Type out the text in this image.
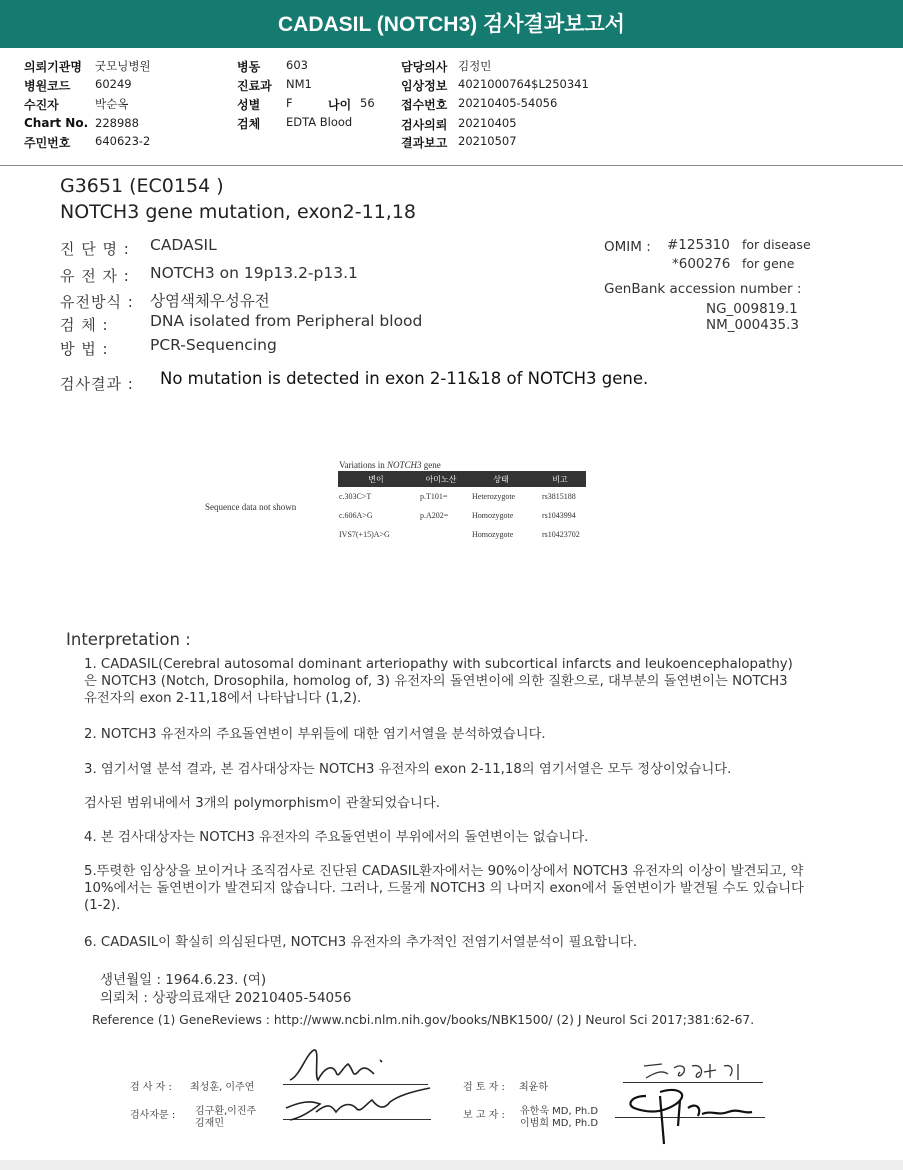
CADASIL (NOTCH3) 검사결과보고서
의뢰기관명 굿모닝병원
병원코드 60249
수진자	박순옥
Chart No. 228988
주민번호 640623-2
병동 603
진료과 NM1
성별 F	나이 56
검체 EDTA Blood
담당의사 김정민
임상정보 4021000764$L250341
접수번호 20210405-54056
검사의뢰 20210405
결과보고 20210507
G3651 (EC0154 )
NOTCH3 gene mutation, exon2-11,18
진 단 명 : CADASIL
유 전 자 : NOTCH3 on 19p13.2-p13.1
유전방식 : 상염색체우성유전
검 체 :	DNA isolated from Peripheral blood
방 법 :	PCR-Sequencing
OMIM : #125310 for disease
*600276 for gene
GenBank accession number :
NG_009819.1
NM_000435.3
검사결과 : No mutation is detected in exon 2-11&18 of NOTCH3 gene.
Variations in NOTCH3 gene
Sequence data not shown
변이	아미노산	상태	비고
c.303C>T	p.T101=	Heterozygote	rs3815188
c.606A>G	p.A202=	Homozygote	rs1043994
IVS7(+15)A>G		Homozygote	rs10423702
Interpretation :
1. CADASIL(Cerebral autosomal dominant arteriopathy with subcortical infarcts and leukoencephalopathy)은 NOTCH3 (Notch, Drosophila, homolog of, 3) 유전자의 돌연변이에 의한 질환으로, 대부분의 돌연변이는 NOTCH3 유전자의 exon 2-11,18에서 나타납니다 (1,2).
2. NOTCH3 유전자의 주요돌연변이 부위들에 대한 염기서열을 분석하였습니다.
3. 염기서열 분석 결과, 본 검사대상자는 NOTCH3 유전자의 exon 2-11,18의 염기서열은 모두 정상이었습니다.
검사된 범위내에서 3개의 polymorphism이 관찰되었습니다.
4. 본 검사대상자는 NOTCH3 유전자의 주요돌연변이 부위에서의 돌연변이는 없습니다.
5.뚜렷한 임상상을 보이거나 조직검사로 진단된 CADASIL환자에서는 90%이상에서 NOTCH3 유전자의 이상이 발견되고, 약 10%에서는 돌연변이가 발견되지 않습니다. 그러나, 드물게 NOTCH3 의 나머지 exon에서 돌연변이가 발견될 수도 있습니다 (1-2).
6. CADASIL이 확실히 의심된다면, NOTCH3 유전자의 추가적인 전염기서열분석이 필요합니다.
생년월일 : 1964.6.23. (여)
의뢰처 : 상광의료재단 20210405-54056
Reference (1) GeneReviews : http://www.ncbi.nlm.nih.gov/books/NBK1500/ (2) J Neurol Sci 2017;381:62-67.
검 사 자 : 최성훈, 이주연
검사자문 : 김구환,이진주
김재민
검 토 자 : 최윤하
보 고 자 : 유한욱 MD, Ph.D
이범희 MD, Ph.D
